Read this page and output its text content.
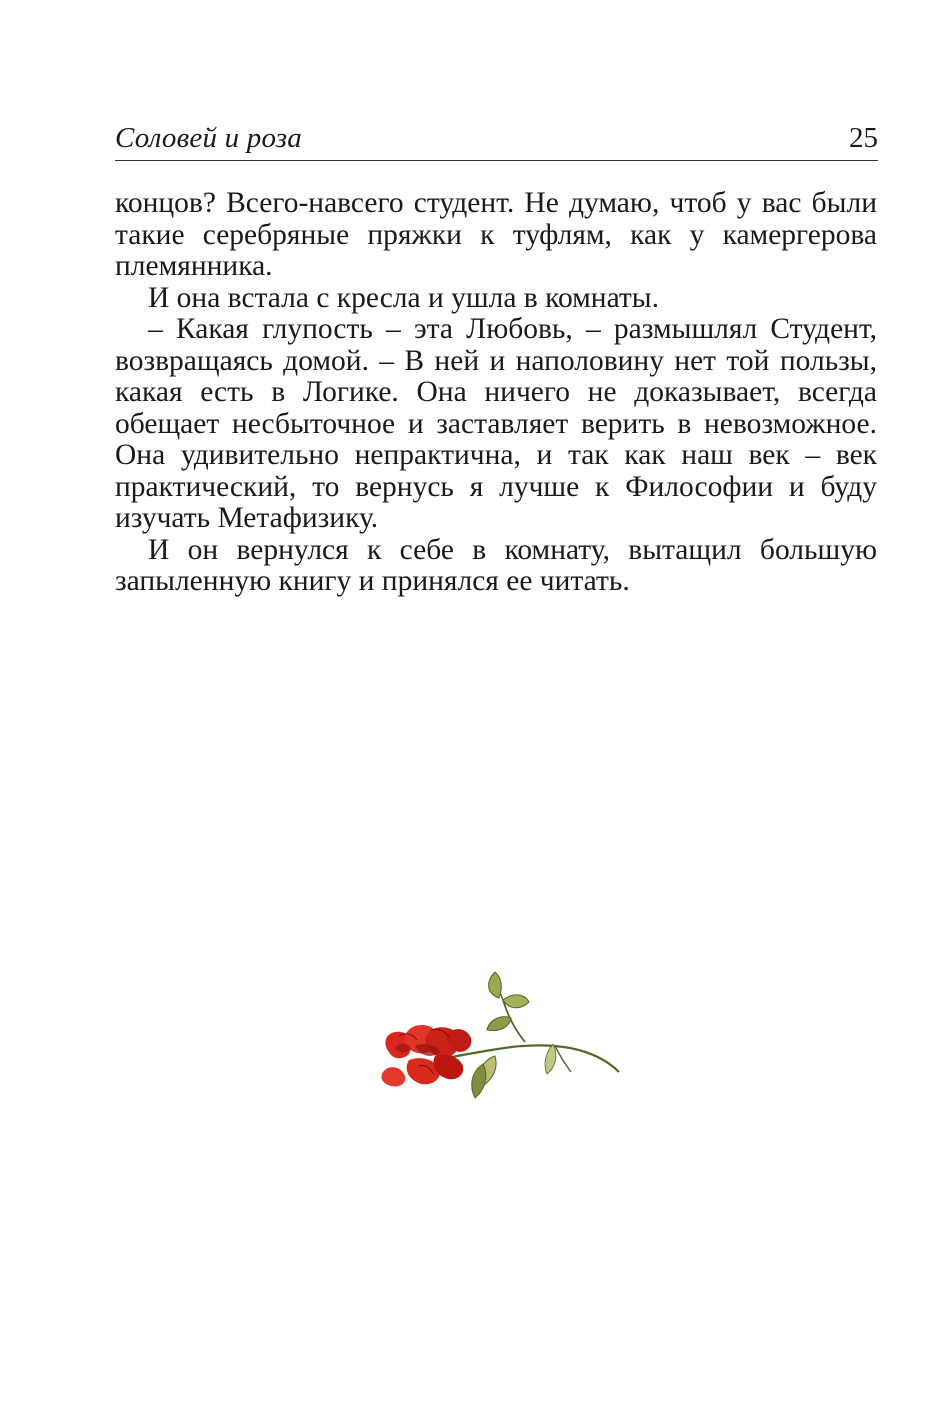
Соловей и роза	25

концов? Всего-навсего студент. Не думаю, чтоб у вас были такие серебряные пряжки к туфлям, как у камергерова племянника.

И она встала с кресла и ушла в комнаты.

– Какая глупость – эта Любовь, – размышлял Студент, возвращаясь домой. – В ней и наполовину нет той пользы, какая есть в Логике. Она ничего не доказывает, всегда обещает несбыточное и заставляет верить в невозможное. Она удивительно непрактична, и так как наш век – век практический, то вернусь я лучше к Философии и буду изучать Метафизику.

И он вернулся к себе в комнату, вытащил большую запыленную книгу и принялся ее читать.
